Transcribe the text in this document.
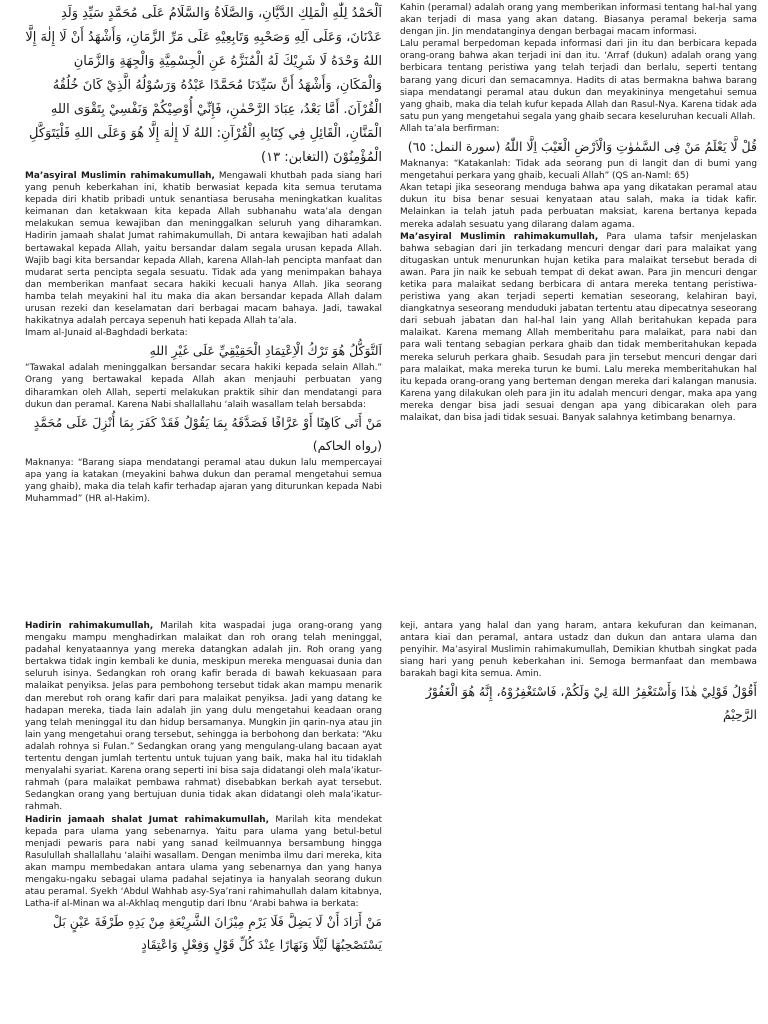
اَلْحَمْدُ لِلّٰهِ الْمَلِكِ الدَّيَّانِ، وَالصَّلَاةُ وَالسَّلَامُ عَلَى مُحَمَّدٍ سَيِّدِ وَلَدِ عَدْنَانَ، وَعَلَى آلِهِ وَصَحْبِهِ وَتَابِعِيْهِ عَلَى مَرِّ الزَّمَانِ، وَأَشْهَدُ أَنْ لَا إِلٰهَ إِلَّا اللهُ وَحْدَهُ لَا شَرِيْكَ لَهُ الْمُنَزَّهُ عَنِ الْجِسْمِيَّةِ وَالْجِهَةِ وَالزَّمَانِ وَالْمَكَانِ، وَأَشْهَدُ أَنَّ سَيِّدَنَا مُحَمَّدًا عَبْدُهُ وَرَسُوْلُهُ الَّذِيْ كَانَ خُلُقُهُ الْقُرْآنَ. أَمَّا بَعْدُ، عِبَادَ الرَّحْمٰنِ، فَإِنِّيْ أُوْصِيْكُمْ وَنَفْسِيْ بِتَقْوَى اللهِ الْمَنَّانِ، الْقَائِلِ فِي كِتَابِهِ الْقُرْآنِ: اللهُ لَا إِلٰهَ إِلَّا هُوَ وَعَلَى اللهِ فَلْيَتَوَكَّلِ الْمُؤْمِنُوْنَ (التغابن: ١٣)

Ma’asyiral Muslimin rahimakumullah, Mengawali khutbah pada siang hari yang penuh keberkahan ini, khatib berwasiat kepada kita semua terutama kepada diri khatib pribadi untuk senantiasa berusaha meningkatkan kualitas keimanan dan ketakwaan kita kepada Allah subhanahu wata’ala dengan melakukan semua kewajiban dan meninggalkan seluruh yang diharamkan. Hadirin jamaah shalat Jumat rahimakumullah, Di antara kewajiban hati adalah bertawakal kepada Allah, yaitu bersandar dalam segala urusan kepada Allah. Wajib bagi kita bersandar kepada Allah, karena Allah-lah pencipta manfaat dan mudarat serta pencipta segala sesuatu. Tidak ada yang menimpakan bahaya dan memberikan manfaat secara hakiki kecuali hanya Allah. Jika seorang hamba telah meyakini hal itu maka dia akan bersandar kepada Allah dalam urusan rezeki dan keselamatan dari berbagai macam bahaya. Jadi, tawakal hakikatnya adalah percaya sepenuh hati kepada Allah ta’ala.

Imam al-Junaid al-Baghdadi berkata:

اَلتَّوَكُّلُ هُوَ تَرْكُ الْاِعْتِمَادِ الْحَقِيْقِيِّ عَلَى غَيْرِ اللهِ

“Tawakal adalah meninggalkan bersandar secara hakiki kepada selain Allah.” Orang yang bertawakal kepada Allah akan menjauhi perbuatan yang diharamkan oleh Allah, seperti melakukan praktik sihir dan mendatangi para dukun dan peramal. Karena Nabi shallallahu ‘alaih wasallam telah bersabda:

مَنْ أَتَى كَاهِنًا أَوْ عَرَّافًا فَصَدَّقَهُ بِمَا يَقُوْلُ فَقَدْ كَفَرَ بِمَا أُنْزِلَ عَلَى مُحَمَّدٍ (رواه الحاكم)

Maknanya: “Barang siapa mendatangi peramal atau dukun lalu mempercayai apa yang ia katakan (meyakini bahwa dukun dan peramal mengetahui semua yang ghaib), maka dia telah kafir terhadap ajaran yang diturunkan kepada Nabi Muhammad” (HR al-Hakim).

Kahin (peramal) adalah orang yang memberikan informasi tentang hal-hal yang akan terjadi di masa yang akan datang. Biasanya peramal bekerja sama dengan jin. Jin mendatanginya dengan berbagai macam informasi.

Lalu peramal berpedoman kepada informasi dari jin itu dan berbicara kepada orang-orang bahwa akan terjadi ini dan itu. ‘Arraf (dukun) adalah orang yang berbicara tentang peristiwa yang telah terjadi dan berlalu, seperti tentang barang yang dicuri dan semacamnya. Hadits di atas bermakna bahwa barang siapa mendatangi peramal atau dukun dan meyakininya mengetahui semua yang ghaib, maka dia telah kufur kepada Allah dan Rasul-Nya. Karena tidak ada satu pun yang mengetahui segala yang ghaib secara keseluruhan kecuali Allah.

Allah ta’ala berfirman:

قُلْ لَّا يَعْلَمُ مَنْ فِى السَّمٰوٰتِ وَالْاَرْضِ الْغَيْبَ اِلَّا اللّٰهُ (سورة النمل: ٦٥)

Maknanya: “Katakanlah: Tidak ada seorang pun di langit dan di bumi yang mengetahui perkara yang ghaib, kecuali Allah” (QS an-Naml: 65)

Akan tetapi jika seseorang menduga bahwa apa yang dikatakan peramal atau dukun itu bisa benar sesuai kenyataan atau salah, maka ia tidak kafir. Melainkan ia telah jatuh pada perbuatan maksiat, karena bertanya kepada mereka adalah sesuatu yang dilarang dalam agama.

Ma’asyiral Muslimin rahimakumullah, Para ulama tafsir menjelaskan bahwa sebagian dari jin terkadang mencuri dengar dari para malaikat yang ditugaskan untuk menurunkan hujan ketika para malaikat tersebut berada di awan. Para jin naik ke sebuah tempat di dekat awan. Para jin mencuri dengar ketika para malaikat sedang berbicara di antara mereka tentang peristiwa-peristiwa yang akan terjadi seperti kematian seseorang, kelahiran bayi, diangkatnya seseorang menduduki jabatan tertentu atau dipecatnya seseorang dari sebuah jabatan dan hal-hal lain yang Allah beritahukan kepada para malaikat. Karena memang Allah memberitahu para malaikat, para nabi dan para wali tentang sebagian perkara ghaib dan tidak memberitahukan kepada mereka seluruh perkara ghaib. Sesudah para jin tersebut mencuri dengar dari para malaikat, maka mereka turun ke bumi. Lalu mereka memberitahukan hal itu kepada orang-orang yang berteman dengan mereka dari kalangan manusia. Karena yang dilakukan oleh para jin itu adalah mencuri dengar, maka apa yang mereka dengar bisa jadi sesuai dengan apa yang dibicarakan oleh para malaikat, dan bisa jadi tidak sesuai. Banyak salahnya ketimbang benarnya.

Hadirin rahimakumullah, Marilah kita waspadai juga orang-orang yang mengaku mampu menghadirkan malaikat dan roh orang telah meninggal, padahal kenyataannya yang mereka datangkan adalah jin. Roh orang yang bertakwa tidak ingin kembali ke dunia, meskipun mereka menguasai dunia dan seluruh isinya. Sedangkan roh orang kafir berada di bawah kekuasaan para malaikat penyiksa. Jelas para pembohong tersebut tidak akan mampu menarik dan merebut roh orang kafir dari para malaikat penyiksa. Jadi yang datang ke hadapan mereka, tiada lain adalah jin yang dulu mengetahui keadaan orang yang telah meninggal itu dan hidup bersamanya. Mungkin jin qarin-nya atau jin lain yang mengetahui orang tersebut, sehingga ia berbohong dan berkata: “Aku adalah rohnya si Fulan.” Sedangkan orang yang mengulang-ulang bacaan ayat tertentu dengan jumlah tertentu untuk tujuan yang baik, maka hal itu tidaklah menyalahi syariat. Karena orang seperti ini bisa saja didatangi oleh mala’ikatur-rahmah (para malaikat pembawa rahmat) disebabkan berkah ayat tersebut. Sedangkan orang yang bertujuan dunia tidak akan didatangi oleh mala’ikatur-rahmah.

Hadirin jamaah shalat Jumat rahimakumullah, Marilah kita mendekat kepada para ulama yang sebenarnya. Yaitu para ulama yang betul-betul menjadi pewaris para nabi yang sanad keilmuannya bersambung hingga Rasulullah shallallahu ‘alaihi wasallam. Dengan menimba ilmu dari mereka, kita akan mampu membedakan antara ulama yang sebenarnya dan yang hanya mengaku-ngaku sebagai ulama padahal sejatinya ia hanyalah seorang dukun atau peramal. Syekh ‘Abdul Wahhab asy-Sya’rani rahimahullah dalam kitabnya, Latha-if al-Minan wa al-Akhlaq mengutip dari Ibnu ‘Arabi bahwa ia berkata:

مَنْ أَرَادَ أَنْ لَا يَضِلَّ فَلَا يَرْمِ مِيْزَانَ الشَّرِيْعَةِ مِنْ يَدِهِ طَرْفَةَ عَيْنٍ بَلْ يَسْتَصْحِبُهَا لَيْلًا وَنَهَارًا عِنْدَ كُلِّ قَوْلٍ وَفِعْلٍ وَاعْتِقَادٍ

keji, antara yang halal dan yang haram, antara kekufuran dan keimanan, antara kiai dan peramal, antara ustadz dan dukun dan antara ulama dan penyihir. Ma’asyiral Muslimin rahimakumullah, Demikian khutbah singkat pada siang hari yang penuh keberkahan ini. Semoga bermanfaat dan membawa barakah bagi kita semua. Amin.

أَقُوْلُ قَوْلِيْ هٰذَا وَأَسْتَغْفِرُ اللهَ لِيْ وَلَكُمْ، فَاسْتَغْفِرُوْهُ، إِنَّهُ هُوَ الْغَفُوْرُ الرَّحِيْمُ
